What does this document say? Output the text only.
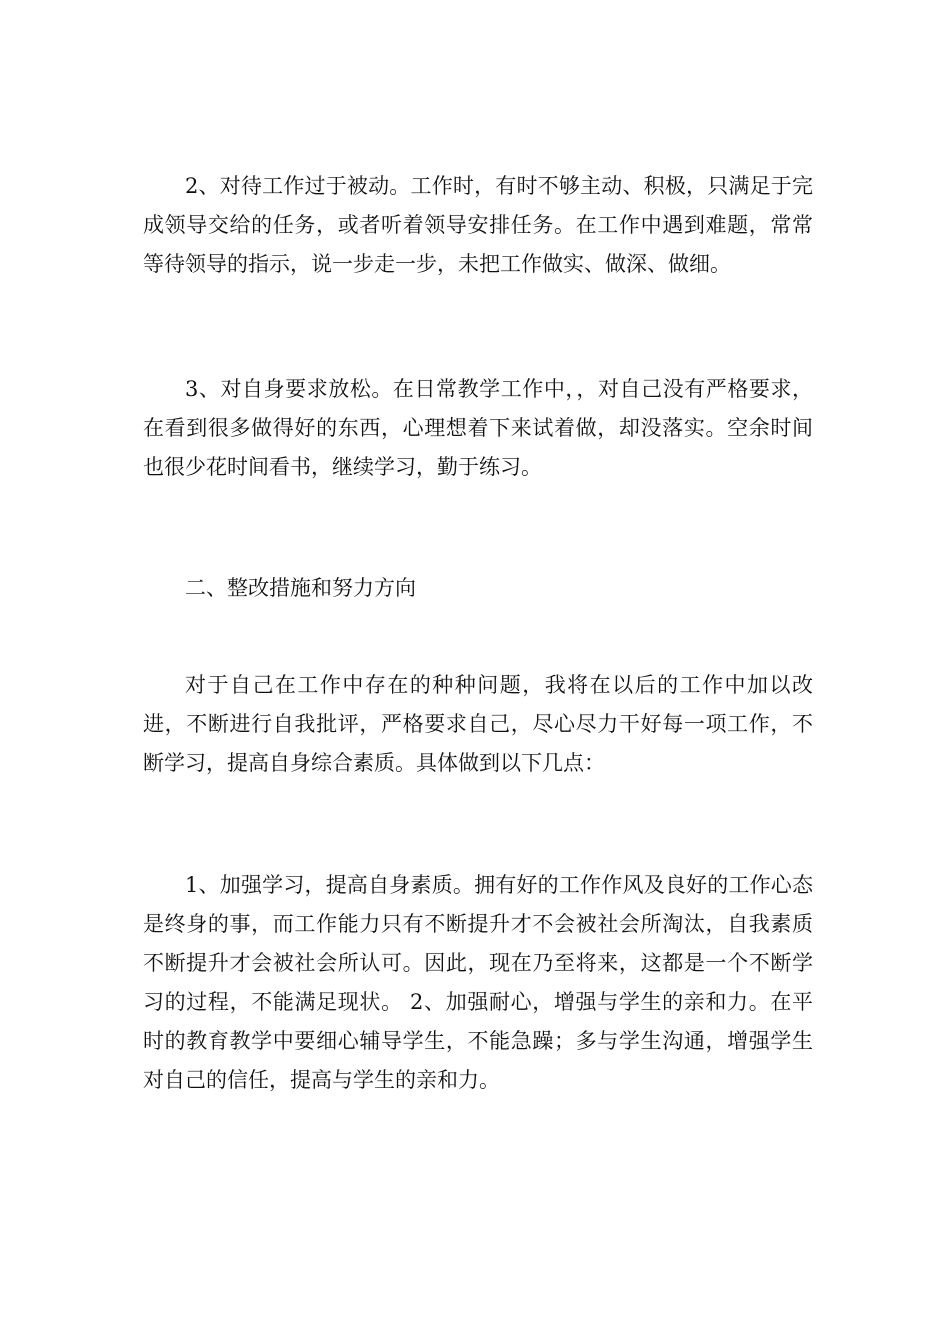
2、对待工作过于被动。工作时，有时不够主动、积极，只满足于完成领导交给的任务，或者听着领导安排任务。在工作中遇到难题，常常等待领导的指示，说一步走一步，未把工作做实、做深、做细。

3、对自身要求放松。在日常教学工作中，，对自己没有严格要求，在看到很多做得好的东西，心理想着下来试着做，却没落实。空余时间也很少花时间看书，继续学习，勤于练习。

二、整改措施和努力方向

对于自己在工作中存在的种种问题，我将在以后的工作中加以改进，不断进行自我批评，严格要求自己，尽心尽力干好每一项工作，不断学习，提高自身综合素质。具体做到以下几点：

1、加强学习，提高自身素质。拥有好的工作作风及良好的工作心态是终身的事，而工作能力只有不断提升才不会被社会所淘汰，自我素质不断提升才会被社会所认可。因此，现在乃至将来，这都是一个不断学习的过程，不能满足现状。 2、加强耐心，增强与学生的亲和力。在平时的教育教学中要细心辅导学生，不能急躁；多与学生沟通，增强学生对自己的信任，提高与学生的亲和力。
